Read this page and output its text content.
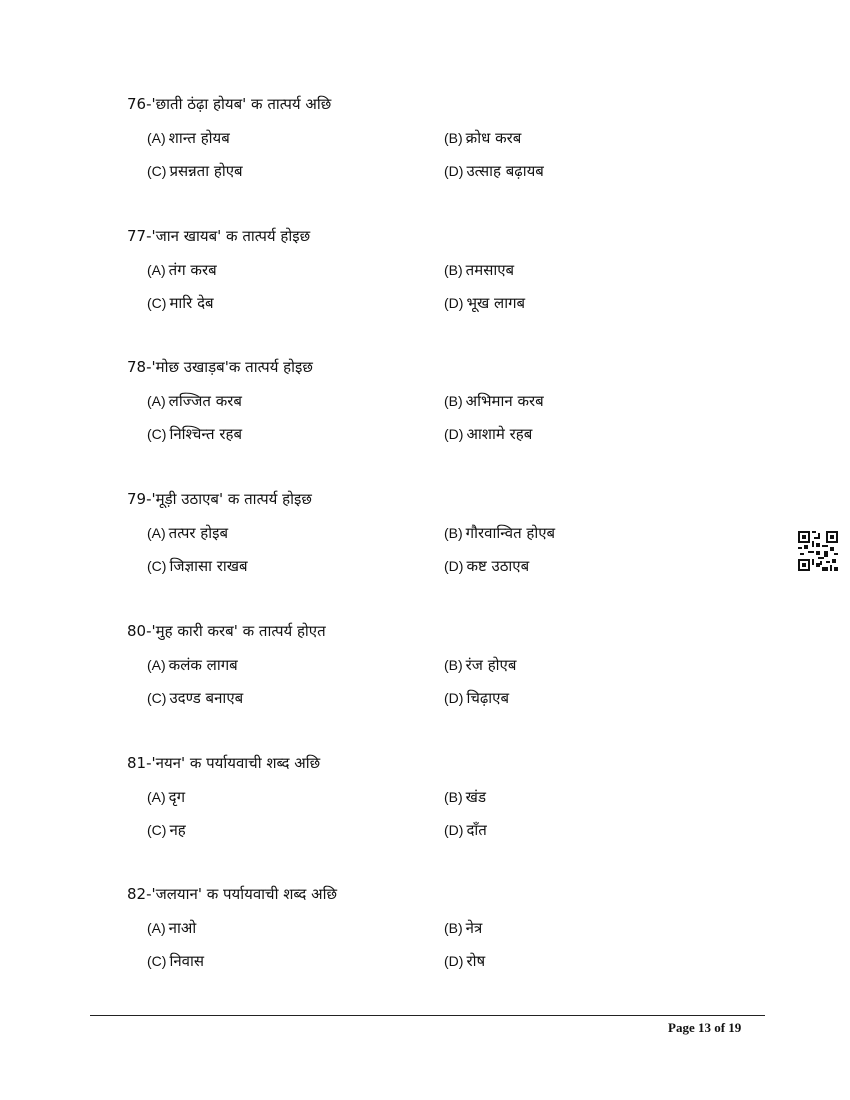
76-'छाती ठंढ़ा होयब' क तात्पर्य अछि
(A) शान्त होयब	(B) क्रोध करब
(C) प्रसन्नता होएब	(D) उत्साह बढ़ायब
77-'जान खायब' क तात्पर्य होइछ
(A) तंग करब	(B) तमसाएब
(C) मारि देब	(D) भूख लागब
78-'मोछ उखाड़ब'क तात्पर्य होइछ
(A) लज्जित करब	(B) अभिमान करब
(C) निश्चिन्त रहब	(D) आशामे रहब
79-'मूड़ी उठाएब' क तात्पर्य होइछ
(A) तत्पर होइब	(B) गौरवान्वित होएब
(C) जिज्ञासा राखब	(D) कष्ट उठाएब
80-'मुह कारी करब' क तात्पर्य होएत
(A) कलंक लागब	(B) रंज होएब
(C) उदण्ड बनाएब	(D) चिढ़ाएब
81-'नयन' क पर्यायवाची शब्द अछि
(A) दृग	(B) खंड
(C) नह	(D) दाँत
82-'जलयान' क पर्यायवाची शब्द अछि
(A) नाओ	(B) नेत्र
(C) निवास	(D) रोष
Page 13 of 19
